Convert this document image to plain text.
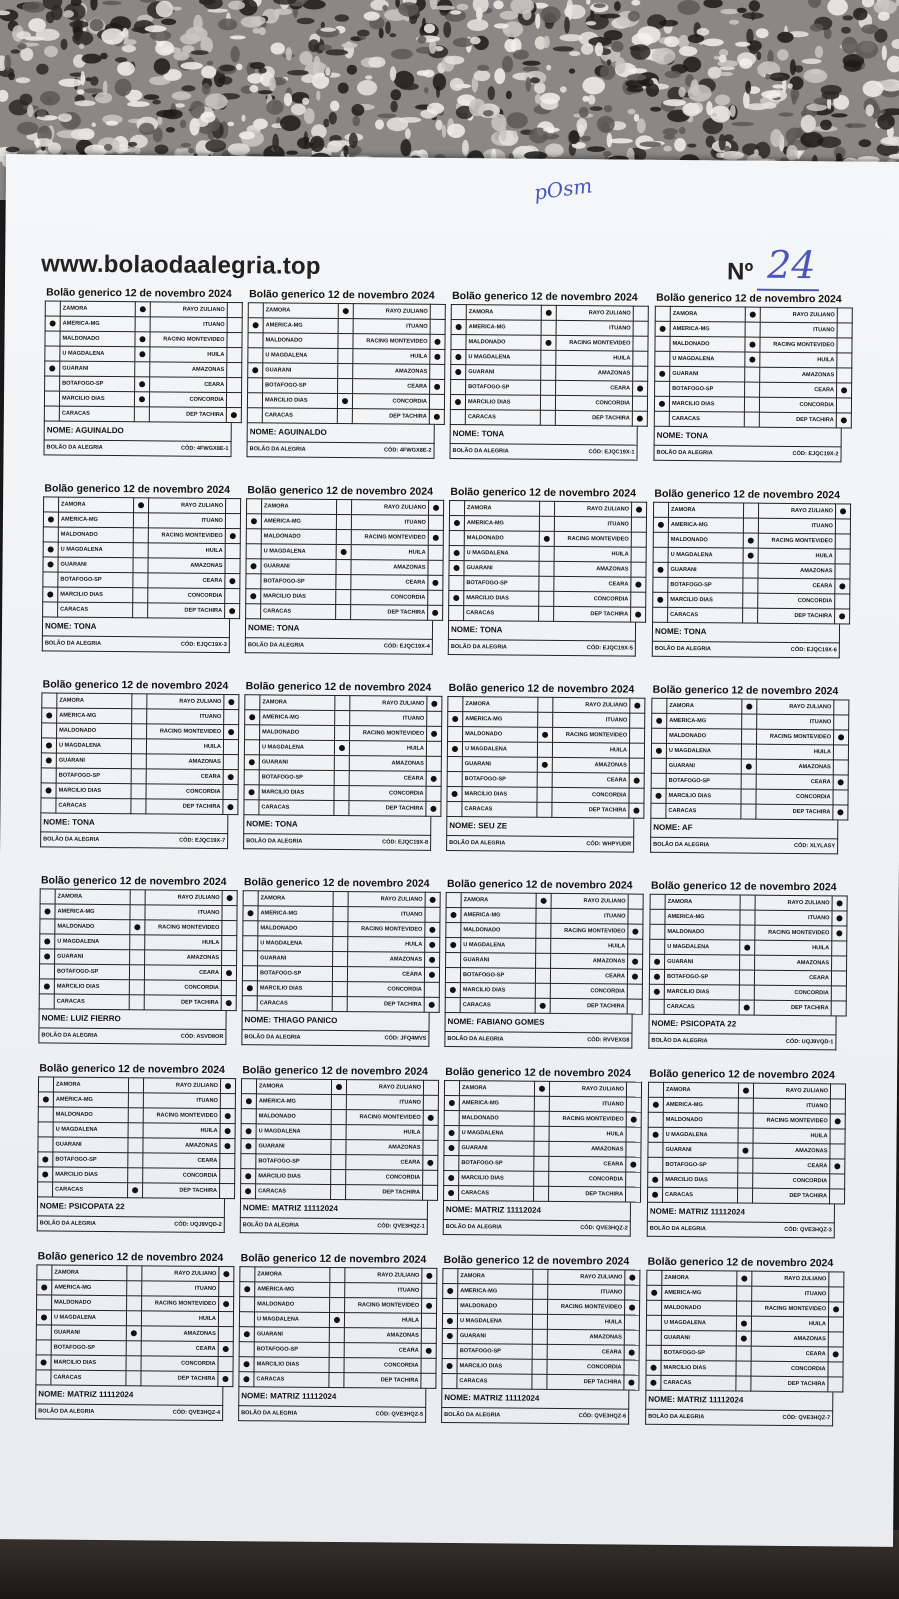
pOsm
www.bolaodaalegria.top	Nº 24
Bolão generico 12 de novembro 2024
	ZAMORA		RAYO ZULIANO	
	AMERICA-MG		ITUANO	
	MALDONADO		RACING MONTEVIDEO	
	U MAGDALENA		HUILA	
	GUARANI		AMAZONAS	
	BOTAFOGO-SP		CEARA	
	MARCILIO DIAS		CONCORDIA	
	CARACAS		DEP TACHIRA	
NOME: AGUINALDO
BOLÃO DA ALEGRIA	CÓD: 4FWGX8E-1
Bolão generico 12 de novembro 2024
	ZAMORA		RAYO ZULIANO	
	AMERICA-MG		ITUANO	
	MALDONADO		RACING MONTEVIDEO	
	U MAGDALENA		HUILA	
	GUARANI		AMAZONAS	
	BOTAFOGO-SP		CEARA	
	MARCILIO DIAS		CONCORDIA	
	CARACAS		DEP TACHIRA	
NOME: AGUINALDO
BOLÃO DA ALEGRIA	CÓD: 4FWGX8E-2
Bolão generico 12 de novembro 2024
	ZAMORA		RAYO ZULIANO	
	AMERICA-MG		ITUANO	
	MALDONADO		RACING MONTEVIDEO	
	U MAGDALENA		HUILA	
	GUARANI		AMAZONAS	
	BOTAFOGO-SP		CEARA	
	MARCILIO DIAS		CONCORDIA	
	CARACAS		DEP TACHIRA	
NOME: TONA
BOLÃO DA ALEGRIA	CÓD: EJQC19X-1
Bolão generico 12 de novembro 2024
	ZAMORA		RAYO ZULIANO	
	AMERICA-MG		ITUANO	
	MALDONADO		RACING MONTEVIDEO	
	U MAGDALENA		HUILA	
	GUARANI		AMAZONAS	
	BOTAFOGO-SP		CEARA	
	MARCILIO DIAS		CONCORDIA	
	CARACAS		DEP TACHIRA	
NOME: TONA
BOLÃO DA ALEGRIA	CÓD: EJQC19X-2
Bolão generico 12 de novembro 2024
	ZAMORA		RAYO ZULIANO	
	AMERICA-MG		ITUANO	
	MALDONADO		RACING MONTEVIDEO	
	U MAGDALENA		HUILA	
	GUARANI		AMAZONAS	
	BOTAFOGO-SP		CEARA	
	MARCILIO DIAS		CONCORDIA	
	CARACAS		DEP TACHIRA	
NOME: TONA
BOLÃO DA ALEGRIA	CÓD: EJQC19X-3
Bolão generico 12 de novembro 2024
	ZAMORA		RAYO ZULIANO	
	AMERICA-MG		ITUANO	
	MALDONADO		RACING MONTEVIDEO	
	U MAGDALENA		HUILA	
	GUARANI		AMAZONAS	
	BOTAFOGO-SP		CEARA	
	MARCILIO DIAS		CONCORDIA	
	CARACAS		DEP TACHIRA	
NOME: TONA
BOLÃO DA ALEGRIA	CÓD: EJQC19X-4
Bolão generico 12 de novembro 2024
	ZAMORA		RAYO ZULIANO	
	AMERICA-MG		ITUANO	
	MALDONADO		RACING MONTEVIDEO	
	U MAGDALENA		HUILA	
	GUARANI		AMAZONAS	
	BOTAFOGO-SP		CEARA	
	MARCILIO DIAS		CONCORDIA	
	CARACAS		DEP TACHIRA	
NOME: TONA
BOLÃO DA ALEGRIA	CÓD: EJQC19X-5
Bolão generico 12 de novembro 2024
	ZAMORA		RAYO ZULIANO	
	AMERICA-MG		ITUANO	
	MALDONADO		RACING MONTEVIDEO	
	U MAGDALENA		HUILA	
	GUARANI		AMAZONAS	
	BOTAFOGO-SP		CEARA	
	MARCILIO DIAS		CONCORDIA	
	CARACAS		DEP TACHIRA	
NOME: TONA
BOLÃO DA ALEGRIA	CÓD: EJQC19X-6
Bolão generico 12 de novembro 2024
	ZAMORA		RAYO ZULIANO	
	AMERICA-MG		ITUANO	
	MALDONADO		RACING MONTEVIDEO	
	U MAGDALENA		HUILA	
	GUARANI		AMAZONAS	
	BOTAFOGO-SP		CEARA	
	MARCILIO DIAS		CONCORDIA	
	CARACAS		DEP TACHIRA	
NOME: TONA
BOLÃO DA ALEGRIA	CÓD: EJQC19X-7
Bolão generico 12 de novembro 2024
	ZAMORA		RAYO ZULIANO	
	AMERICA-MG		ITUANO	
	MALDONADO		RACING MONTEVIDEO	
	U MAGDALENA		HUILA	
	GUARANI		AMAZONAS	
	BOTAFOGO-SP		CEARA	
	MARCILIO DIAS		CONCORDIA	
	CARACAS		DEP TACHIRA	
NOME: TONA
BOLÃO DA ALEGRIA	CÓD: EJQC19X-8
Bolão generico 12 de novembro 2024
	ZAMORA		RAYO ZULIANO	
	AMERICA-MG		ITUANO	
	MALDONADO		RACING MONTEVIDEO	
	U MAGDALENA		HUILA	
	GUARANI		AMAZONAS	
	BOTAFOGO-SP		CEARA	
	MARCILIO DIAS		CONCORDIA	
	CARACAS		DEP TACHIRA	
NOME: SEU ZE
BOLÃO DA ALEGRIA	CÓD: WHPYUDR
Bolão generico 12 de novembro 2024
	ZAMORA		RAYO ZULIANO	
	AMERICA-MG		ITUANO	
	MALDONADO		RACING MONTEVIDEO	
	U MAGDALENA		HUILA	
	GUARANI		AMAZONAS	
	BOTAFOGO-SP		CEARA	
	MARCILIO DIAS		CONCORDIA	
	CARACAS		DEP TACHIRA	
NOME: AF
BOLÃO DA ALEGRIA	CÓD: XLYLASY
Bolão generico 12 de novembro 2024
	ZAMORA		RAYO ZULIANO	
	AMERICA-MG		ITUANO	
	MALDONADO		RACING MONTEVIDEO	
	U MAGDALENA		HUILA	
	GUARANI		AMAZONAS	
	BOTAFOGO-SP		CEARA	
	MARCILIO DIAS		CONCORDIA	
	CARACAS		DEP TACHIRA	
NOME: LUIZ FIERRO
BOLÃO DA ALEGRIA	CÓD: ASVD8OR
Bolão generico 12 de novembro 2024
	ZAMORA		RAYO ZULIANO	
	AMERICA-MG		ITUANO	
	MALDONADO		RACING MONTEVIDEO	
	U MAGDALENA		HUILA	
	GUARANI		AMAZONAS	
	BOTAFOGO-SP		CEARA	
	MARCILIO DIAS		CONCORDIA	
	CARACAS		DEP TACHIRA	
NOME: THIAGO PANICO
BOLÃO DA ALEGRIA	CÓD: JFQ4MVS
Bolão generico 12 de novembro 2024
	ZAMORA		RAYO ZULIANO	
	AMERICA-MG		ITUANO	
	MALDONADO		RACING MONTEVIDEO	
	U MAGDALENA		HUILA	
	GUARANI		AMAZONAS	
	BOTAFOGO-SP		CEARA	
	MARCILIO DIAS		CONCORDIA	
	CARACAS		DEP TACHIRA	
NOME: FABIANO GOMES
BOLÃO DA ALEGRIA	CÓD: RVVEXG8
Bolão generico 12 de novembro 2024
	ZAMORA		RAYO ZULIANO	
	AMERICA-MG		ITUANO	
	MALDONADO		RACING MONTEVIDEO	
	U MAGDALENA		HUILA	
	GUARANI		AMAZONAS	
	BOTAFOGO-SP		CEARA	
	MARCILIO DIAS		CONCORDIA	
	CARACAS		DEP TACHIRA	
NOME: PSICOPATA 22
BOLÃO DA ALEGRIA	CÓD: UQJ9VQD-1
Bolão generico 12 de novembro 2024
	ZAMORA		RAYO ZULIANO	
	AMERICA-MG		ITUANO	
	MALDONADO		RACING MONTEVIDEO	
	U MAGDALENA		HUILA	
	GUARANI		AMAZONAS	
	BOTAFOGO-SP		CEARA	
	MARCILIO DIAS		CONCORDIA	
	CARACAS		DEP TACHIRA	
NOME: PSICOPATA 22
BOLÃO DA ALEGRIA	CÓD: UQJ9VQD-2
Bolão generico 12 de novembro 2024
	ZAMORA		RAYO ZULIANO	
	AMERICA-MG		ITUANO	
	MALDONADO		RACING MONTEVIDEO	
	U MAGDALENA		HUILA	
	GUARANI		AMAZONAS	
	BOTAFOGO-SP		CEARA	
	MARCILIO DIAS		CONCORDIA	
	CARACAS		DEP TACHIRA	
NOME: MATRIZ 11112024
BOLÃO DA ALEGRIA	CÓD: QVE3HQZ-1
Bolão generico 12 de novembro 2024
	ZAMORA		RAYO ZULIANO	
	AMERICA-MG		ITUANO	
	MALDONADO		RACING MONTEVIDEO	
	U MAGDALENA		HUILA	
	GUARANI		AMAZONAS	
	BOTAFOGO-SP		CEARA	
	MARCILIO DIAS		CONCORDIA	
	CARACAS		DEP TACHIRA	
NOME: MATRIZ 11112024
BOLÃO DA ALEGRIA	CÓD: QVE3HQZ-2
Bolão generico 12 de novembro 2024
	ZAMORA		RAYO ZULIANO	
	AMERICA-MG		ITUANO	
	MALDONADO		RACING MONTEVIDEO	
	U MAGDALENA		HUILA	
	GUARANI		AMAZONAS	
	BOTAFOGO-SP		CEARA	
	MARCILIO DIAS		CONCORDIA	
	CARACAS		DEP TACHIRA	
NOME: MATRIZ 11112024
BOLÃO DA ALEGRIA	CÓD: QVE3HQZ-3
Bolão generico 12 de novembro 2024
	ZAMORA		RAYO ZULIANO	
	AMERICA-MG		ITUANO	
	MALDONADO		RACING MONTEVIDEO	
	U MAGDALENA		HUILA	
	GUARANI		AMAZONAS	
	BOTAFOGO-SP		CEARA	
	MARCILIO DIAS		CONCORDIA	
	CARACAS		DEP TACHIRA	
NOME: MATRIZ 11112024
BOLÃO DA ALEGRIA	CÓD: QVE3HQZ-4
Bolão generico 12 de novembro 2024
	ZAMORA		RAYO ZULIANO	
	AMERICA-MG		ITUANO	
	MALDONADO		RACING MONTEVIDEO	
	U MAGDALENA		HUILA	
	GUARANI		AMAZONAS	
	BOTAFOGO-SP		CEARA	
	MARCILIO DIAS		CONCORDIA	
	CARACAS		DEP TACHIRA	
NOME: MATRIZ 11112024
BOLÃO DA ALEGRIA	CÓD: QVE3HQZ-5
Bolão generico 12 de novembro 2024
	ZAMORA		RAYO ZULIANO	
	AMERICA-MG		ITUANO	
	MALDONADO		RACING MONTEVIDEO	
	U MAGDALENA		HUILA	
	GUARANI		AMAZONAS	
	BOTAFOGO-SP		CEARA	
	MARCILIO DIAS		CONCORDIA	
	CARACAS		DEP TACHIRA	
NOME: MATRIZ 11112024
BOLÃO DA ALEGRIA	CÓD: QVE3HQZ-6
Bolão generico 12 de novembro 2024
	ZAMORA		RAYO ZULIANO	
	AMERICA-MG		ITUANO	
	MALDONADO		RACING MONTEVIDEO	
	U MAGDALENA		HUILA	
	GUARANI		AMAZONAS	
	BOTAFOGO-SP		CEARA	
	MARCILIO DIAS		CONCORDIA	
	CARACAS		DEP TACHIRA	
NOME: MATRIZ 11112024
BOLÃO DA ALEGRIA	CÓD: QVE3HQZ-7
